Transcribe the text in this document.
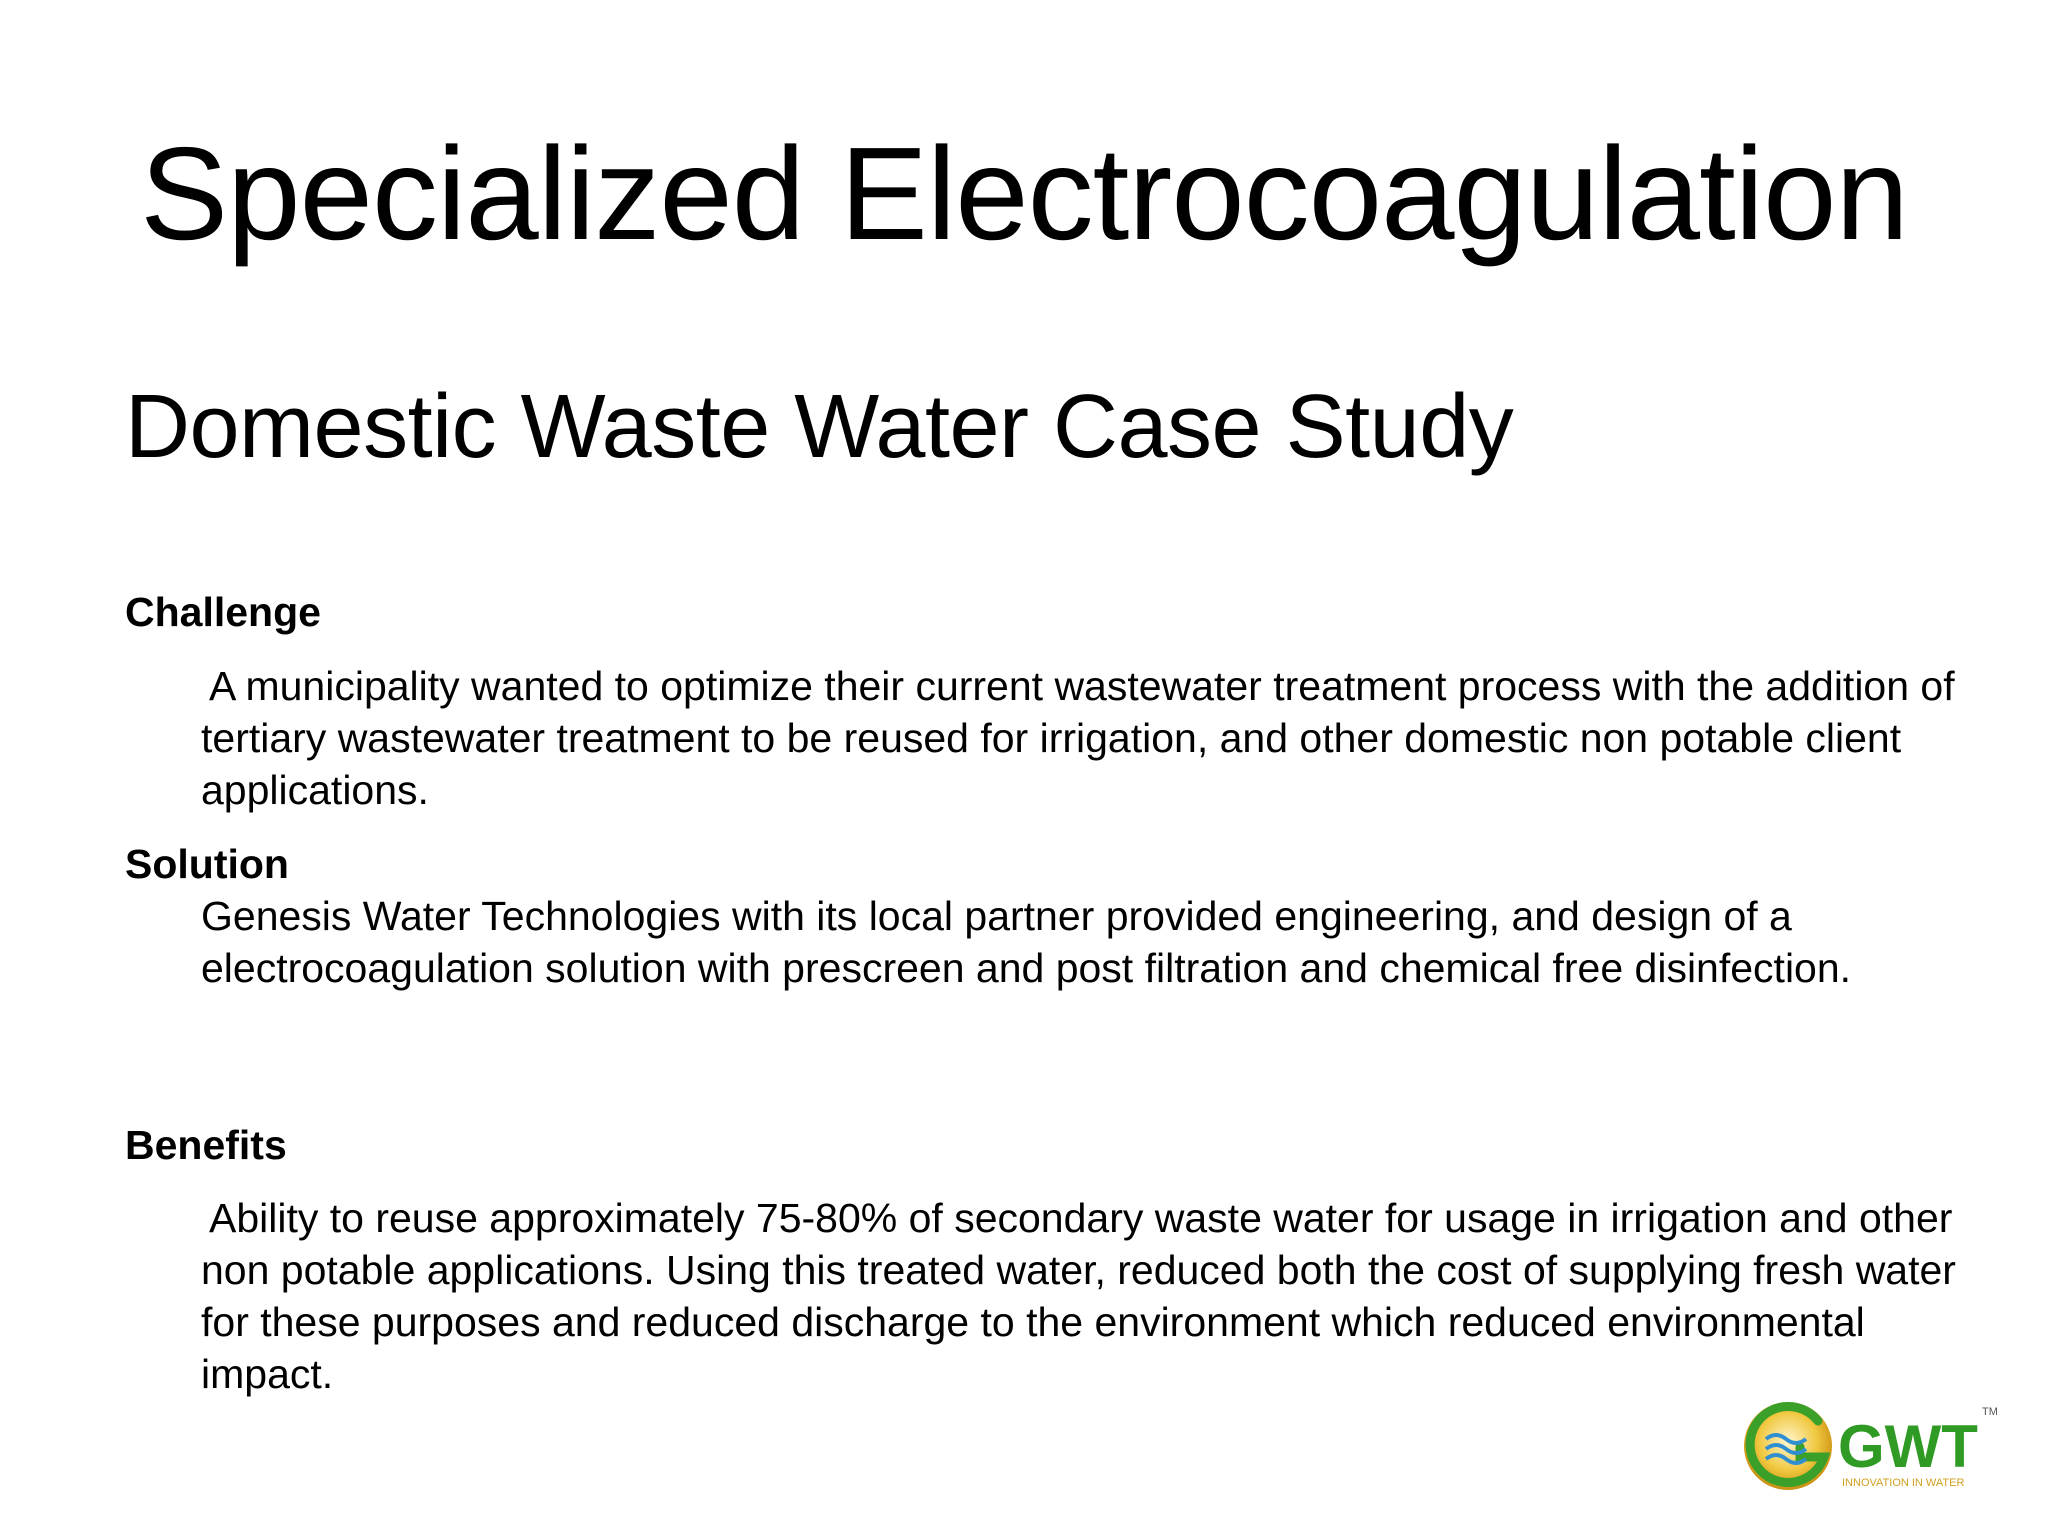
Specialized Electrocoagulation
Domestic Waste Water Case Study
Challenge

A municipality wanted to optimize their current wastewater treatment process with the addition of tertiary wastewater treatment to be reused for irrigation, and other domestic non potable client applications.

Solution

Genesis Water Technologies with its local partner provided engineering, and design of a electrocoagulation solution with prescreen and post filtration and chemical free disinfection.

Benefits

Ability to reuse approximately 75-80% of secondary waste water for usage in irrigation and other non potable applications. Using this treated water, reduced both the cost of supplying fresh water for these purposes and reduced discharge to the environment which reduced environmental impact.

GWT
TM
INNOVATION IN WATER
